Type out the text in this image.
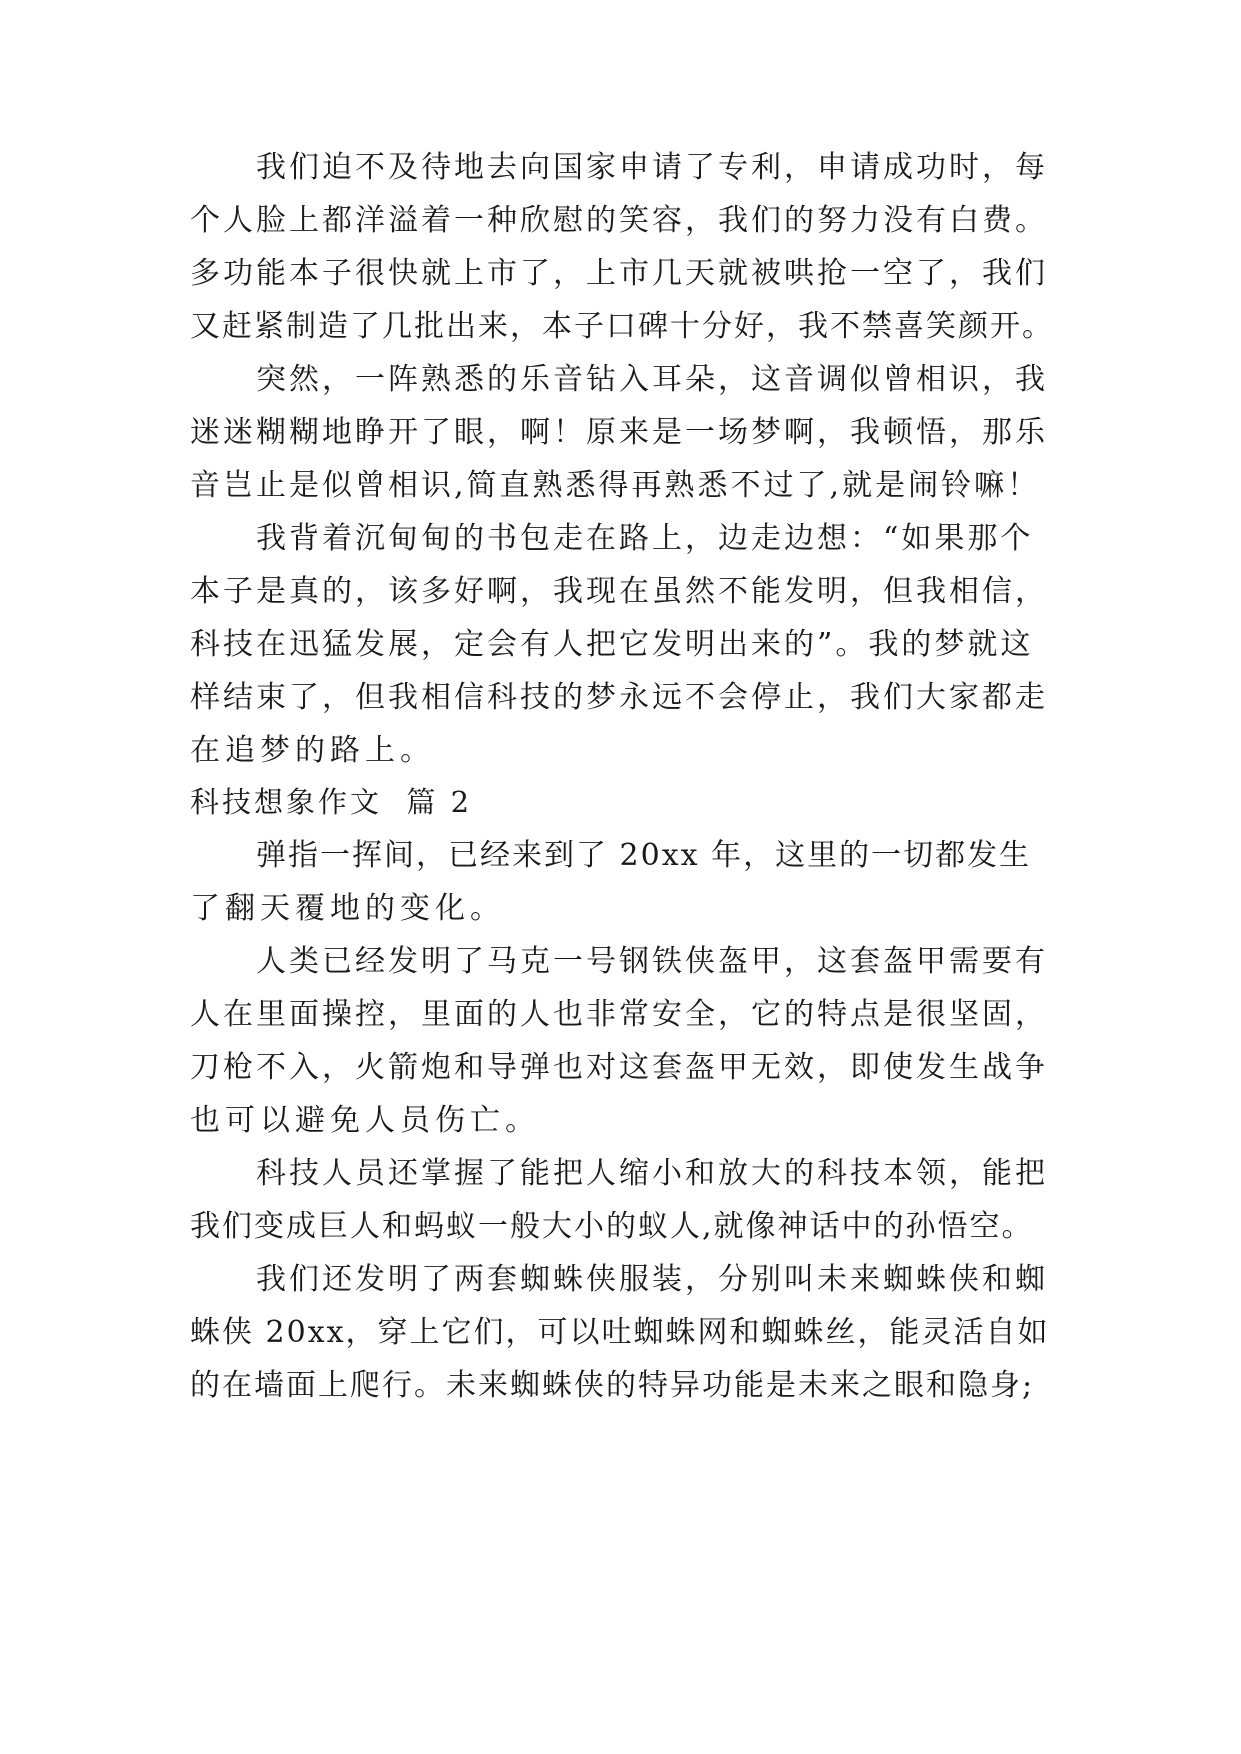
我们迫不及待地去向国家申请了专利，申请成功时，每
个人脸上都洋溢着一种欣慰的笑容，我们的努力没有白费。
多功能本子很快就上市了，上市几天就被哄抢一空了，我们
又赶紧制造了几批出来，本子口碑十分好，我不禁喜笑颜开。
突然，一阵熟悉的乐音钻入耳朵，这音调似曾相识，我
迷迷糊糊地睁开了眼，啊！原来是一场梦啊，我顿悟，那乐
音岂止是似曾相识,简直熟悉得再熟悉不过了,就是闹铃嘛！
我背着沉甸甸的书包走在路上，边走边想：“如果那个
本子是真的，该多好啊，我现在虽然不能发明，但我相信，
科技在迅猛发展，定会有人把它发明出来的”。我的梦就这
样结束了，但我相信科技的梦永远不会停止，我们大家都走
在追梦的路上。
科技想象作文  篇 2
弹指一挥间，已经来到了 20xx 年，这里的一切都发生
了翻天覆地的变化。
人类已经发明了马克一号钢铁侠盔甲，这套盔甲需要有
人在里面操控，里面的人也非常安全，它的特点是很坚固，
刀枪不入，火箭炮和导弹也对这套盔甲无效，即使发生战争
也可以避免人员伤亡。
科技人员还掌握了能把人缩小和放大的科技本领，能把
我们变成巨人和蚂蚁一般大小的蚁人,就像神话中的孙悟空。
我们还发明了两套蜘蛛侠服装，分别叫未来蜘蛛侠和蜘
蛛侠 20xx，穿上它们，可以吐蜘蛛网和蜘蛛丝，能灵活自如
的在墙面上爬行。未来蜘蛛侠的特异功能是未来之眼和隐身;
